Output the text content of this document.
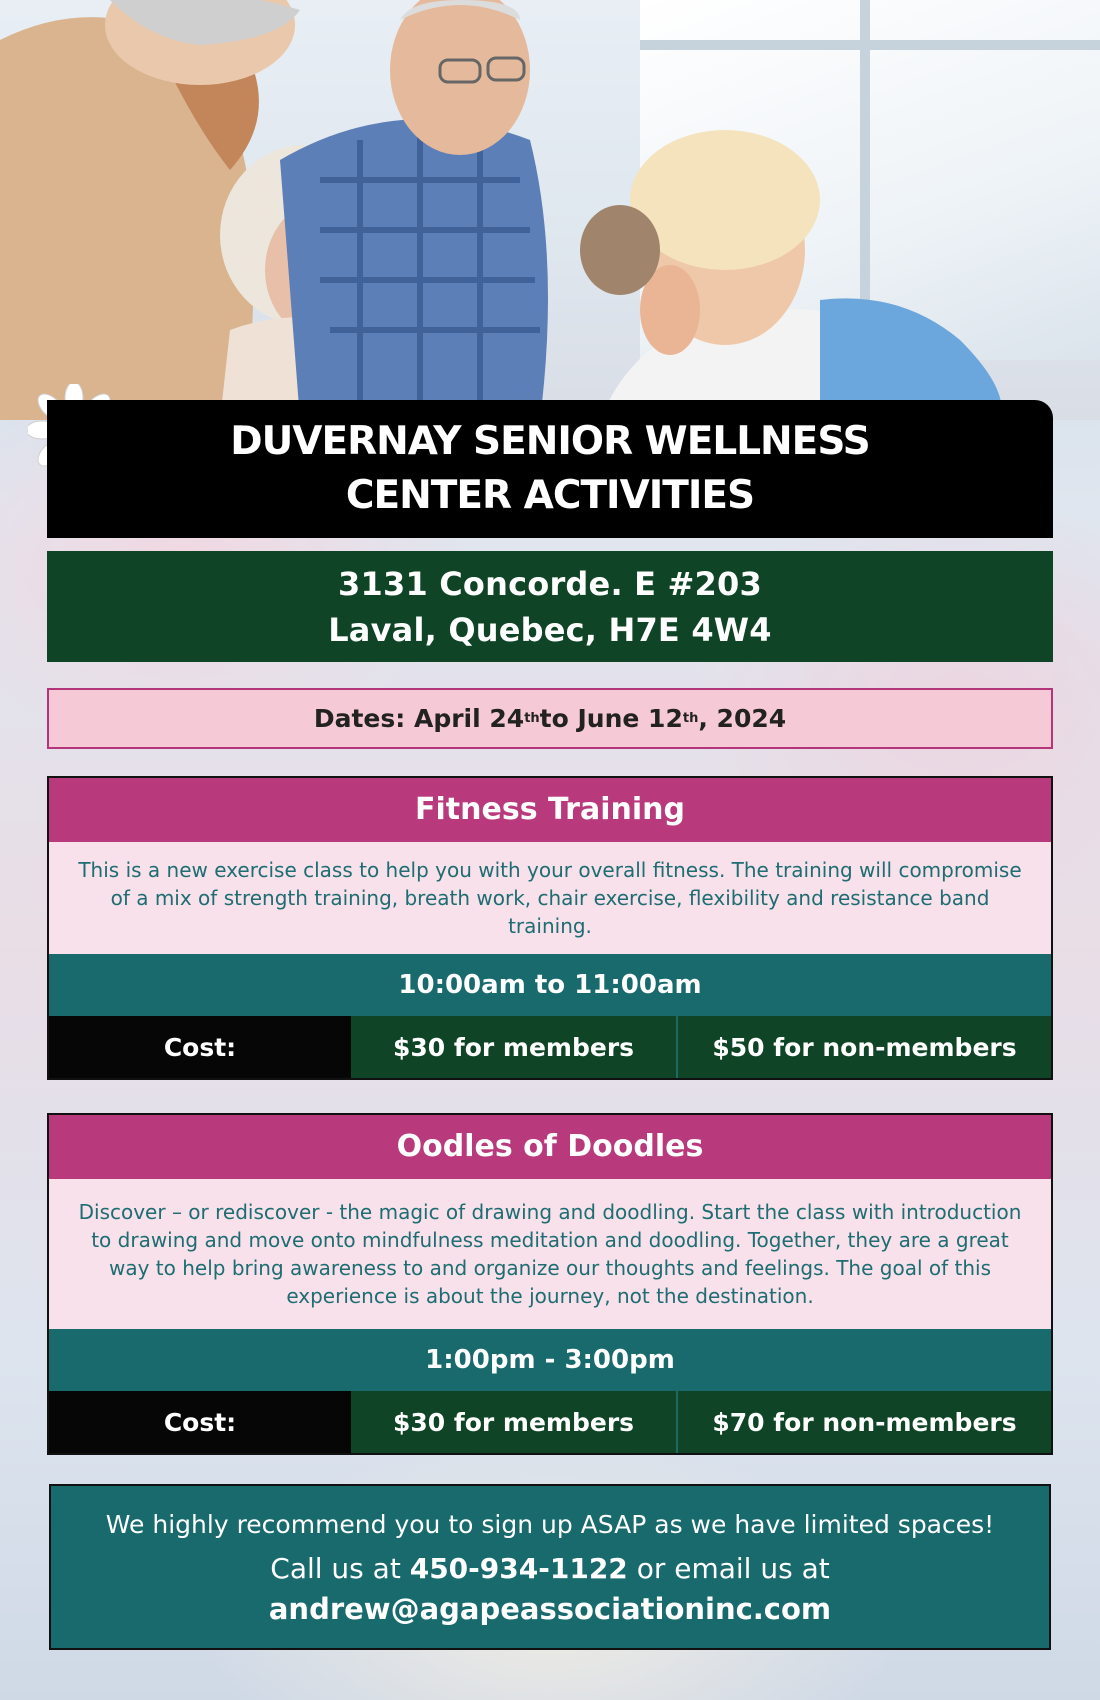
DUVERNAY SENIOR WELLNESS
CENTER ACTIVITIES
3131 Concorde. E #203
Laval, Quebec, H7E 4W4
Dates: April 24 th to June 12 th , 2024
Fitness Training
This is a new exercise class to help you with your overall fitness. The training will compromise of a mix of strength training, breath work, chair exercise, flexibility and resistance band training.
10:00am to 11:00am
Cost:	$30 for members	$50 for non-members
Oodles of Doodles
Discover – or rediscover - the magic of drawing and doodling. Start the class with introduction to drawing and move onto mindfulness meditation and doodling. Together, they are a great way to help bring awareness to and organize our thoughts and feelings. The goal of this experience is about the journey, not the destination.
1:00pm - 3:00pm
Cost:	$30 for members	$70 for non-members
We highly recommend you to sign up ASAP as we have limited spaces!
Call us at 450-934-1122 or email us at
andrew@agapeassociationinc.com
